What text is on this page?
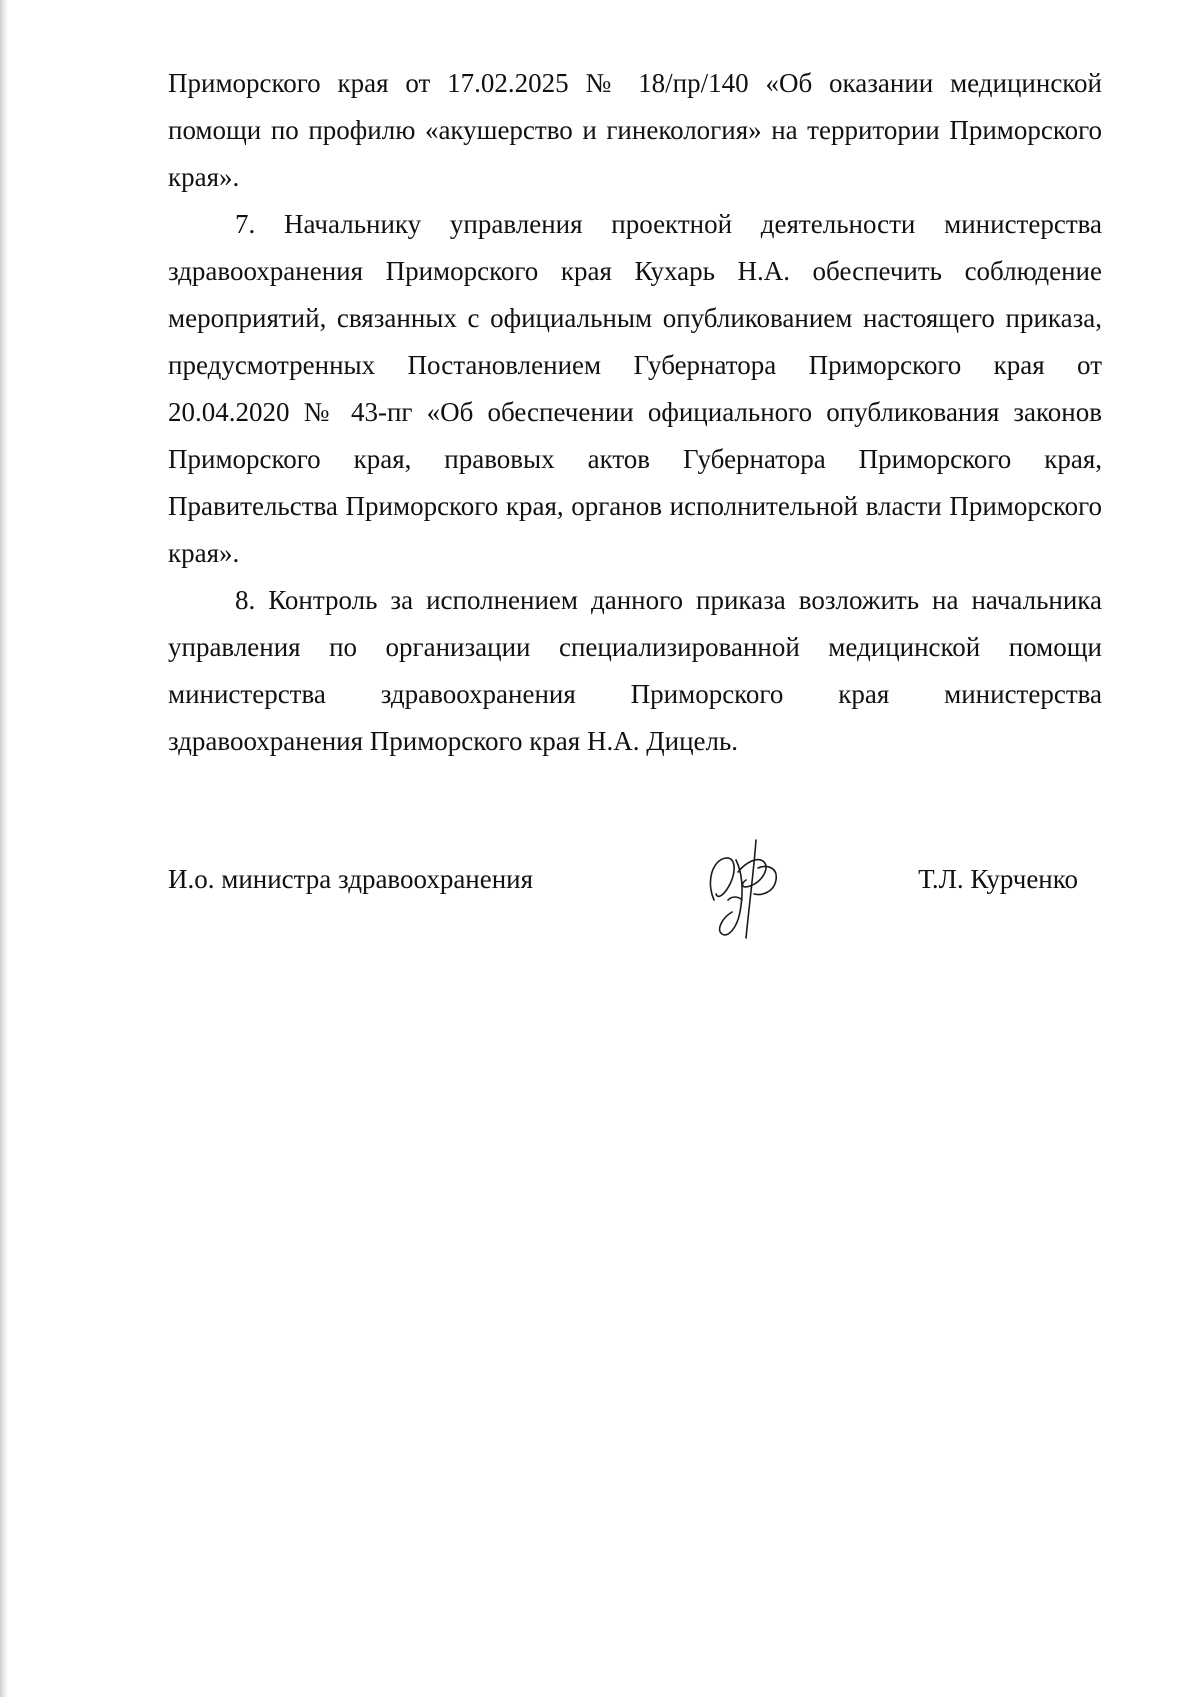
Приморского края от 17.02.2025 № 18/пр/140 «Об оказании медицинской помощи по профилю «акушерство и гинекология» на территории Приморского края».

7. Начальнику управления проектной деятельности министерства здравоохранения Приморского края Кухарь Н.А. обеспечить соблюдение мероприятий, связанных с официальным опубликованием настоящего приказа, предусмотренных Постановлением Губернатора Приморского края от 20.04.2020 № 43-пг «Об обеспечении официального опубликования законов Приморского края, правовых актов Губернатора Приморского края, Правительства Приморского края, органов исполнительной власти Приморского края».

8. Контроль за исполнением данного приказа возложить на начальника управления по организации специализированной медицинской помощи министерства здравоохранения Приморского края министерства здравоохранения Приморского края Н.А. Дицель.

И.о. министра здравоохранения	Т.Л. Курченко
